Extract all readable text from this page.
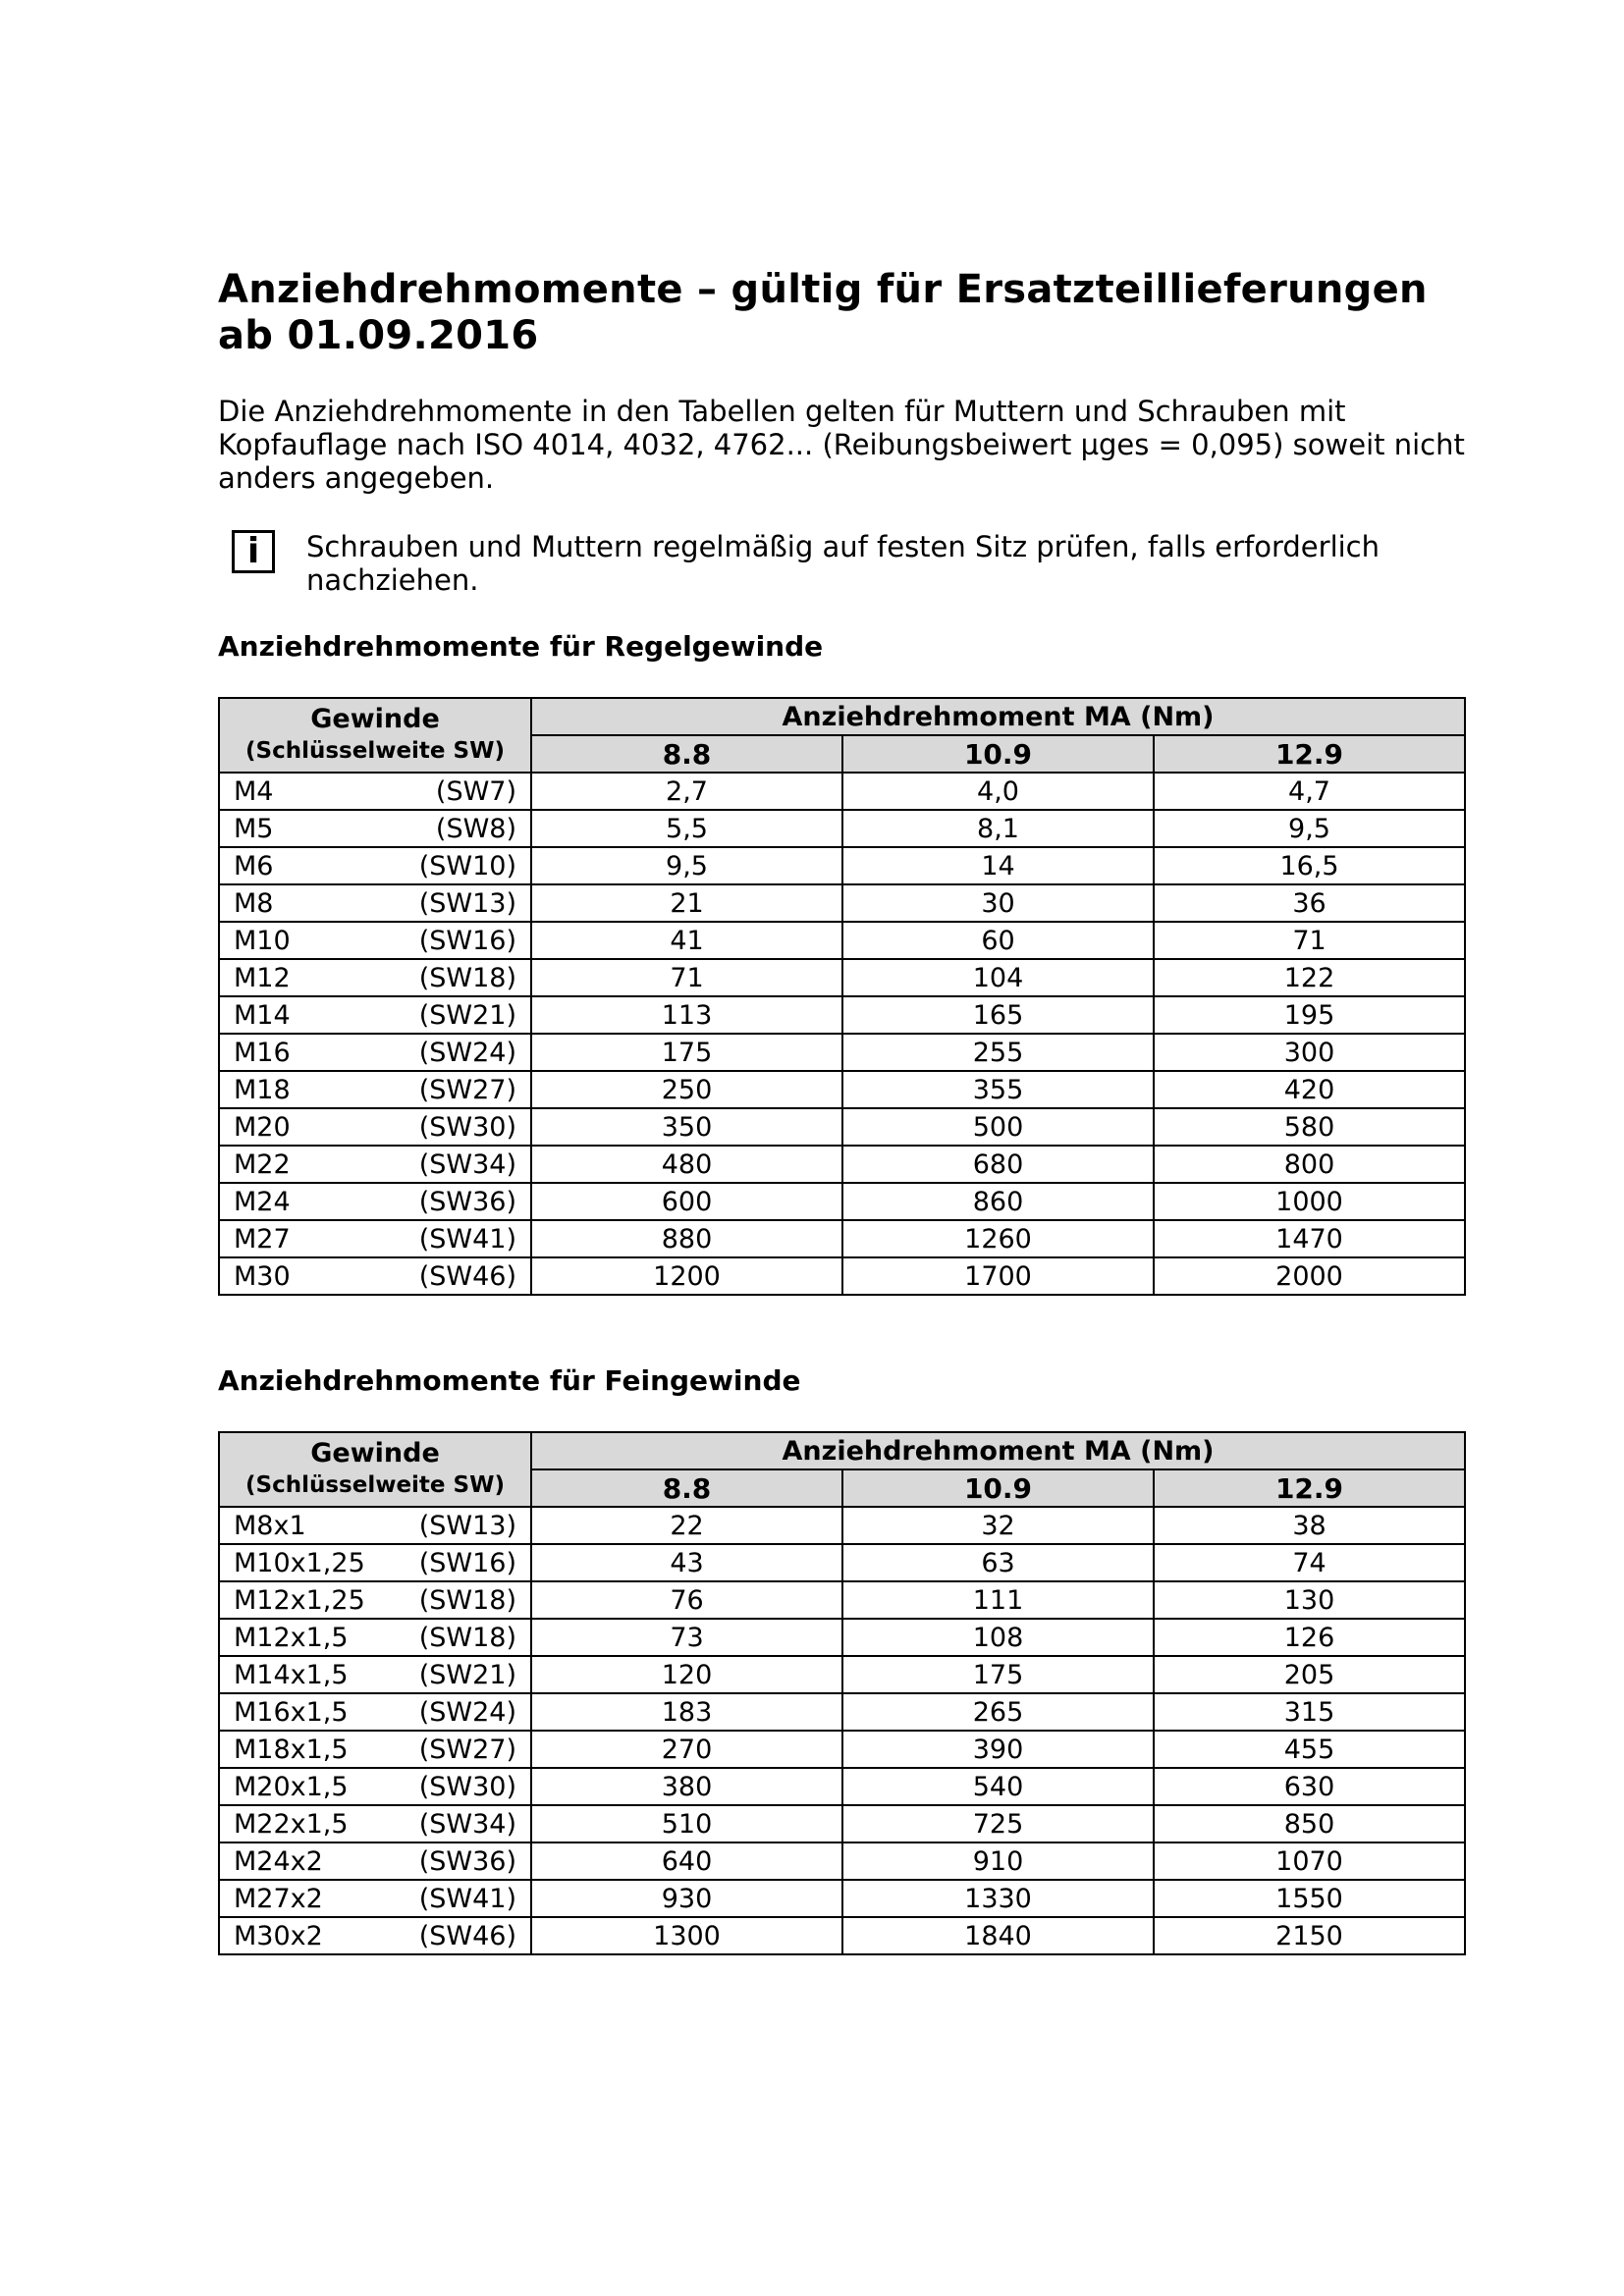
Anziehdrehmomente – gültig für Ersatzteillieferungen ab 01.09.2016

Die Anziehdrehmomente in den Tabellen gelten für Muttern und Schrauben mit Kopfauflage nach ISO 4014, 4032, 4762... (Reibungsbeiwert µges = 0,095) soweit nicht anders angegeben.

i	Schrauben und Muttern regelmäßig auf festen Sitz prüfen, falls erforderlich nachziehen.

Anziehdrehmomente für Regelgewinde
Gewinde
(Schlüsselweite SW)	Anziehdrehmoment MA (Nm)		
	8.8	10.9	12.9

M4 (SW7)	2,7	4,0	4,7

M5 (SW8)	5,5	8,1	9,5

M6 (SW10)	9,5	14	16,5

M8 (SW13)	21	30	36

M10 (SW16)	41	60	71

M12 (SW18)	71	104	122

M14 (SW21)	113	165	195

M16 (SW24)	175	255	300

M18 (SW27)	250	355	420

M20 (SW30)	350	500	580

M22 (SW34)	480	680	800

M24 (SW36)	600	860	1000

M27 (SW41)	880	1260	1470

M30 (SW46)	1200	1700	2000
Anziehdrehmomente für Feingewinde
Gewinde
(Schlüsselweite SW)	Anziehdrehmoment MA (Nm)		
	8.8	10.9	12.9

M8x1 (SW13)	22	32	38

M10x1,25 (SW16)	43	63	74

M12x1,25 (SW18)	76	111	130

M12x1,5 (SW18)	73	108	126

M14x1,5 (SW21)	120	175	205

M16x1,5 (SW24)	183	265	315

M18x1,5 (SW27)	270	390	455

M20x1,5 (SW30)	380	540	630

M22x1,5 (SW34)	510	725	850

M24x2 (SW36)	640	910	1070

M27x2 (SW41)	930	1330	1550

M30x2 (SW46)	1300	1840	2150
